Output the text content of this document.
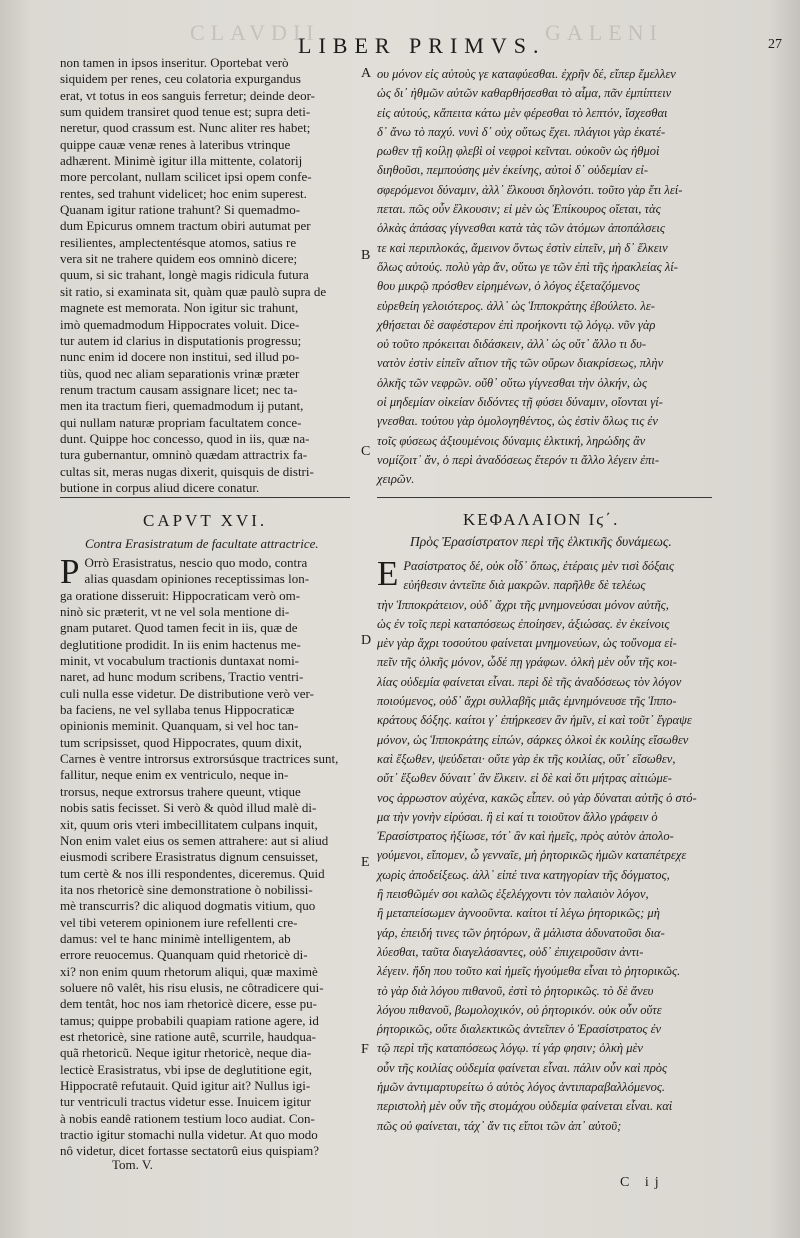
CLAVDII	GALENI
LIBER PRIMVS.	27

non tamen in ipsos inseritur. Oportebat verò

siquidem per renes, ceu colatoria expurgandus

erat, vt totus in eos sanguis ferretur; deinde deor-

sum quidem transiret quod tenue est; supra deti-

neretur, quod crassum est. Nunc aliter res habet;

quippe cauæ venæ renes à lateribus vtrinque

adhærent. Minimè igitur illa mittente, colatorij

more percolant, nullam scilicet ipsi opem confe-

rentes, sed trahunt videlicet; hoc enim superest.

Quanam igitur ratione trahunt? Si quemadmo-

dum Epicurus omnem tractum obiri autumat per

resilientes, amplectentésque atomos, satius re

vera sit ne trahere quidem eos omninò dicere;

quum, si sic trahant, longè magis ridicula futura

sit ratio, si examinata sit, quàm quæ paulò supra de

magnete est memorata. Non igitur sic trahunt,

imò quemadmodum Hippocrates voluit. Dice-

tur autem id clarius in disputationis progressu;

nunc enim id docere non institui, sed illud po-

tiùs, quod nec aliam separationis vrinæ præter

renum tractum causam assignare licet; nec ta-

men ita tractum fieri, quemadmodum ij putant,

qui nullam naturæ propriam facultatem conce-

dunt. Quippe hoc concesso, quod in iis, quæ na-

tura gubernantur, omninò quædam attractrix fa-

cultas sit, meras nugas dixerit, quisquis de distri-

butione in corpus aliud dicere conatur.

ου μόνον εἰς αὐτοὺς γε καταφύεσθαι. ἐχρῆν δέ, εἴπερ ἔμελλεν

ὡς δι᾽ ἠθμῶν αὐτῶν καθαρθήσεσθαι τὸ αἷμα, πᾶν ἐμπίπτειν

εἰς αὐτούς, κἄπειτα κάτω μὲν φέρεσθαι τὸ λεπτόν, ἴσχεσθαι

δ᾽ ἄνω τὸ παχύ. νυνὶ δ᾽ οὐχ οὕτως ἔχει. πλάγιοι γὰρ ἑκατέ-

ρωθεν τῇ κοίλῃ φλεβὶ οἱ νεφροὶ κεῖνται. οὐκοῦν ὡς ἠθμοὶ

διηθοῦσι, πεμπούσης μὲν ἐκείνης, αὐτοὶ δ᾽ οὐδεμίαν εἰ-

σφερόμενοι δύναμιν, ἀλλ᾽ ἕλκουσι δηλονότι. τοῦτο γὰρ ἔτι λεί-

πεται. πῶς οὖν ἕλκουσιν; εἰ μὲν ὡς Ἐπίκουρος οἴεται, τὰς

ὁλκὰς ἁπάσας γίγνεσθαι κατὰ τὰς τῶν ἀτόμων ἀποπάλσεις

τε καὶ περιπλοκάς, ἄμεινον ὄντως ἐστὶν εἰπεῖν, μὴ δ᾽ ἕλκειν

ὅλως αὐτούς. πολὺ γὰρ ἄν, οὕτω γε τῶν ἐπὶ τῆς ἡρακλείας λί-

θου μικρῷ πρόσθεν εἰρημένων, ὁ λόγος ἐξεταζόμενος

εὑρεθείη γελοιότερος. ἀλλ᾽ ὡς Ἱπποκράτης ἐβούλετο. λε-

χθήσεται δὲ σαφέστερον ἐπὶ προήκοντι τῷ λόγῳ. νῦν γὰρ

οὐ τοῦτο πρόκειται διδάσκειν, ἀλλ᾽ ὡς οὔτ᾽ ἄλλο τι δυ-

νατὸν ἐστὶν εἰπεῖν αἴτιον τῆς τῶν οὔρων διακρίσεως, πλὴν

ὁλκῆς τῶν νεφρῶν. οὔθ᾽ οὕτω γίγνεσθαι τὴν ὁλκήν, ὡς

οἱ μηδεμίαν οἰκείαν διδόντες τῇ φύσει δύναμιν, οἴονται γί-

γνεσθαι. τούτου γὰρ ὁμολογηθέντος, ὡς ἐστὶν ὅλως τις ἐν

τοῖς φύσεως ἀξιουμένοις δύναμις ἑλκτική, ληρώδης ἂν

νομίζοιτ᾽ ἄν, ὁ περὶ ἀναδόσεως ἕτερόν τι ἄλλο λέγειν ἐπι-

χειρῶν.

A
B
C
D
E
F
CAPVT XVI.
Contra Erasistratum de facultate attractrice.
ΚΕΦΑΛΑΙΟΝ Ιϛ΄.
Πρὸς Ἐρασίστρατον περὶ τῆς ἑλκτικῆς δυνάμεως.
P Orrò Erasistratus, nescio quo modo, contra

alias quasdam opiniones receptissimas lon-

ga oratione disseruit: Hippocraticam verò om-

ninò sic præterit, vt ne vel sola mentione di-

gnam putaret. Quod tamen fecit in iis, quæ de

deglutitione prodidit. In iis enim hactenus me-

minit, vt vocabulum tractionis duntaxat nomi-

naret, ad hunc modum scribens, Tractio ventri-

culi nulla esse videtur. De distributione verò ver-

ba faciens, ne vel syllaba tenus Hippocraticæ

opinionis meminit. Quanquam, si vel hoc tan-

tum scripsisset, quod Hippocrates, quum dixit,

Carnes è ventre introrsus extrorsúsque tractrices sunt,

fallitur, neque enim ex ventriculo, neque in-

trorsus, neque extrorsus trahere queunt, vtique

nobis satis fecisset. Si verò & quòd illud malè di-

xit, quum oris vteri imbecillitatem culpans inquit,

Non enim valet eius os semen attrahere: aut si aliud

eiusmodi scribere Erasistratus dignum censuisset,

tum certè & nos illi respondentes, diceremus. Quid

ita nos rhetoricè sine demonstratione ò nobilissi-

mè transcurris? dic aliquod dogmatis vitium, quo

vel tibi veterem opinionem iure refellenti cre-

damus: vel te hanc minimè intelligentem, ab

errore reuocemus. Quanquam quid rhetoricè di-

xi? non enim quum rhetorum aliqui, quæ maximè

soluere nô valêt, his risu elusis, ne côtradicere qui-

dem tentât, hoc nos iam rhetoricè dicere, esse pu-

tamus; quippe probabili quapiam ratione agere, id

est rhetoricè, sine ratione autê, scurrile, haudqua-

quã rhetoricũ. Neque igitur rhetoricè, neque dia-

lecticè Erasistratus, vbi ipse de deglutitione egit,

Hippocratê refutauit. Quid igitur ait? Nullus igi-

tur ventriculi tractus videtur esse. Inuicem igitur

à nobis eandê rationem testium loco audiat. Con-

tractio igitur stomachi nulla videtur. At quo modo

nô videtur, dicet fortasse sectatorû eius quispiam?

Ε Ρασίστρατος δέ, οὐκ οἶδ᾽ ὅπως, ἑτέραις μὲν τισὶ δόξαις

εὐήθεσιν ἀντεῖπε διὰ μακρῶν. παρῆλθε δὲ τελέως

τὴν Ἱπποκράτειον, οὐδ᾽ ἄχρι τῆς μνημονεύσαι μόνον αὐτῆς,

ὡς ἐν τοῖς περὶ καταπόσεως ἐποίησεν, ἀξιώσας. ἐν ἐκείνοις

μὲν γὰρ ἄχρι τοσούτου φαίνεται μνημονεύων, ὡς τοὔνομα εἰ-

πεῖν τῆς ὁλκῆς μόνον, ὧδέ πῃ γράφων. ὁλκὴ μὲν οὖν τῆς κοι-

λίας οὐδεμία φαίνεται εἶναι. περὶ δὲ τῆς ἀναδόσεως τὸν λόγον

ποιούμενος, οὐδ᾽ ἄχρι συλλαβῆς μιᾶς ἐμνημόνευσε τῆς Ἱππο-

κράτους δόξης. καίτοι γ᾽ ἐπήρκεσεν ἂν ἡμῖν, εἰ καὶ τοῦτ᾽ ἔγραψε

μόνον, ὡς Ἱπποκράτης εἰπών, σάρκες ὁλκοὶ ἐκ κοιλίης εἴσωθεν

καὶ ἔξωθεν, ψεύδεται· οὔτε γὰρ ἐκ τῆς κοιλίας, οὔτ᾽ εἴσωθεν,

οὔτ᾽ ἔξωθεν δύναιτ᾽ ἂν ἕλκειν. εἰ δὲ καὶ ὅτι μήτρας αἰτιώμε-

νος ἀρρωστον αὐχένα, κακῶς εἶπεν. οὐ γὰρ δύναται αὐτῆς ὁ στό-

μα τὴν γονὴν εἰρύσαι. ἢ εἰ καί τι τοιοῦτον ἄλλο γράφειν ὁ

Ἐρασίστρατος ἠξίωσε, τότ᾽ ἂν καὶ ἡμεῖς, πρὸς αὐτὸν ἀπολο-

γούμενοι, εἴπομεν, ὦ γενναῖε, μὴ ῥητορικῶς ἡμῶν καταπέτρεχε

χωρὶς ἀποδείξεως. ἀλλ᾽ εἰπέ τινα κατηγορίαν τῆς δόγματος,

ἢ πεισθῶμέν σοι καλῶς ἐξελέγχοντι τὸν παλαιὸν λόγον,

ἢ μεταπείσωμεν ἀγνοοῦντα. καίτοι τί λέγω ῥητορικῶς; μὴ

γάρ, ἐπειδή τινες τῶν ῥητόρων, ἃ μάλιστα ἀδυνατοῦσι δια-

λύεσθαι, ταῦτα διαγελάσαντες, οὐδ᾽ ἐπιχειροῦσιν ἀντι-

λέγειν. ἤδη που τοῦτο καὶ ἡμεῖς ἡγούμεθα εἶναι τὸ ῥητορικῶς.

τὸ γὰρ διὰ λόγου πιθανοῦ, ἐστὶ τὸ ῥητορικῶς. τὸ δὲ ἄνευ

λόγου πιθανοῦ, βωμολοχικόν, οὐ ῥητορικόν. οὐκ οὖν οὔτε

ῥητορικῶς, οὔτε διαλεκτικῶς ἀντεῖπεν ὁ Ἐρασίστρατος ἐν

τῷ περὶ τῆς καταπόσεως λόγῳ. τί γάρ φησιν; ὁλκὴ μὲν

οὖν τῆς κοιλίας οὐδεμία φαίνεται εἶναι. πάλιν οὖν καὶ πρὸς

ἡμῶν ἀντιμαρτυρείτω ὁ αὐτὸς λόγος ἀντιπαραβαλλόμενος.

περιστολὴ μὲν οὖν τῆς στομάχου οὐδεμία φαίνεται εἶναι. καὶ

πῶς οὐ φαίνεται, τάχ᾽ ἄν τις εἴποι τῶν ἀπ᾽ αὐτοῦ;

Tom. V.
C ij
